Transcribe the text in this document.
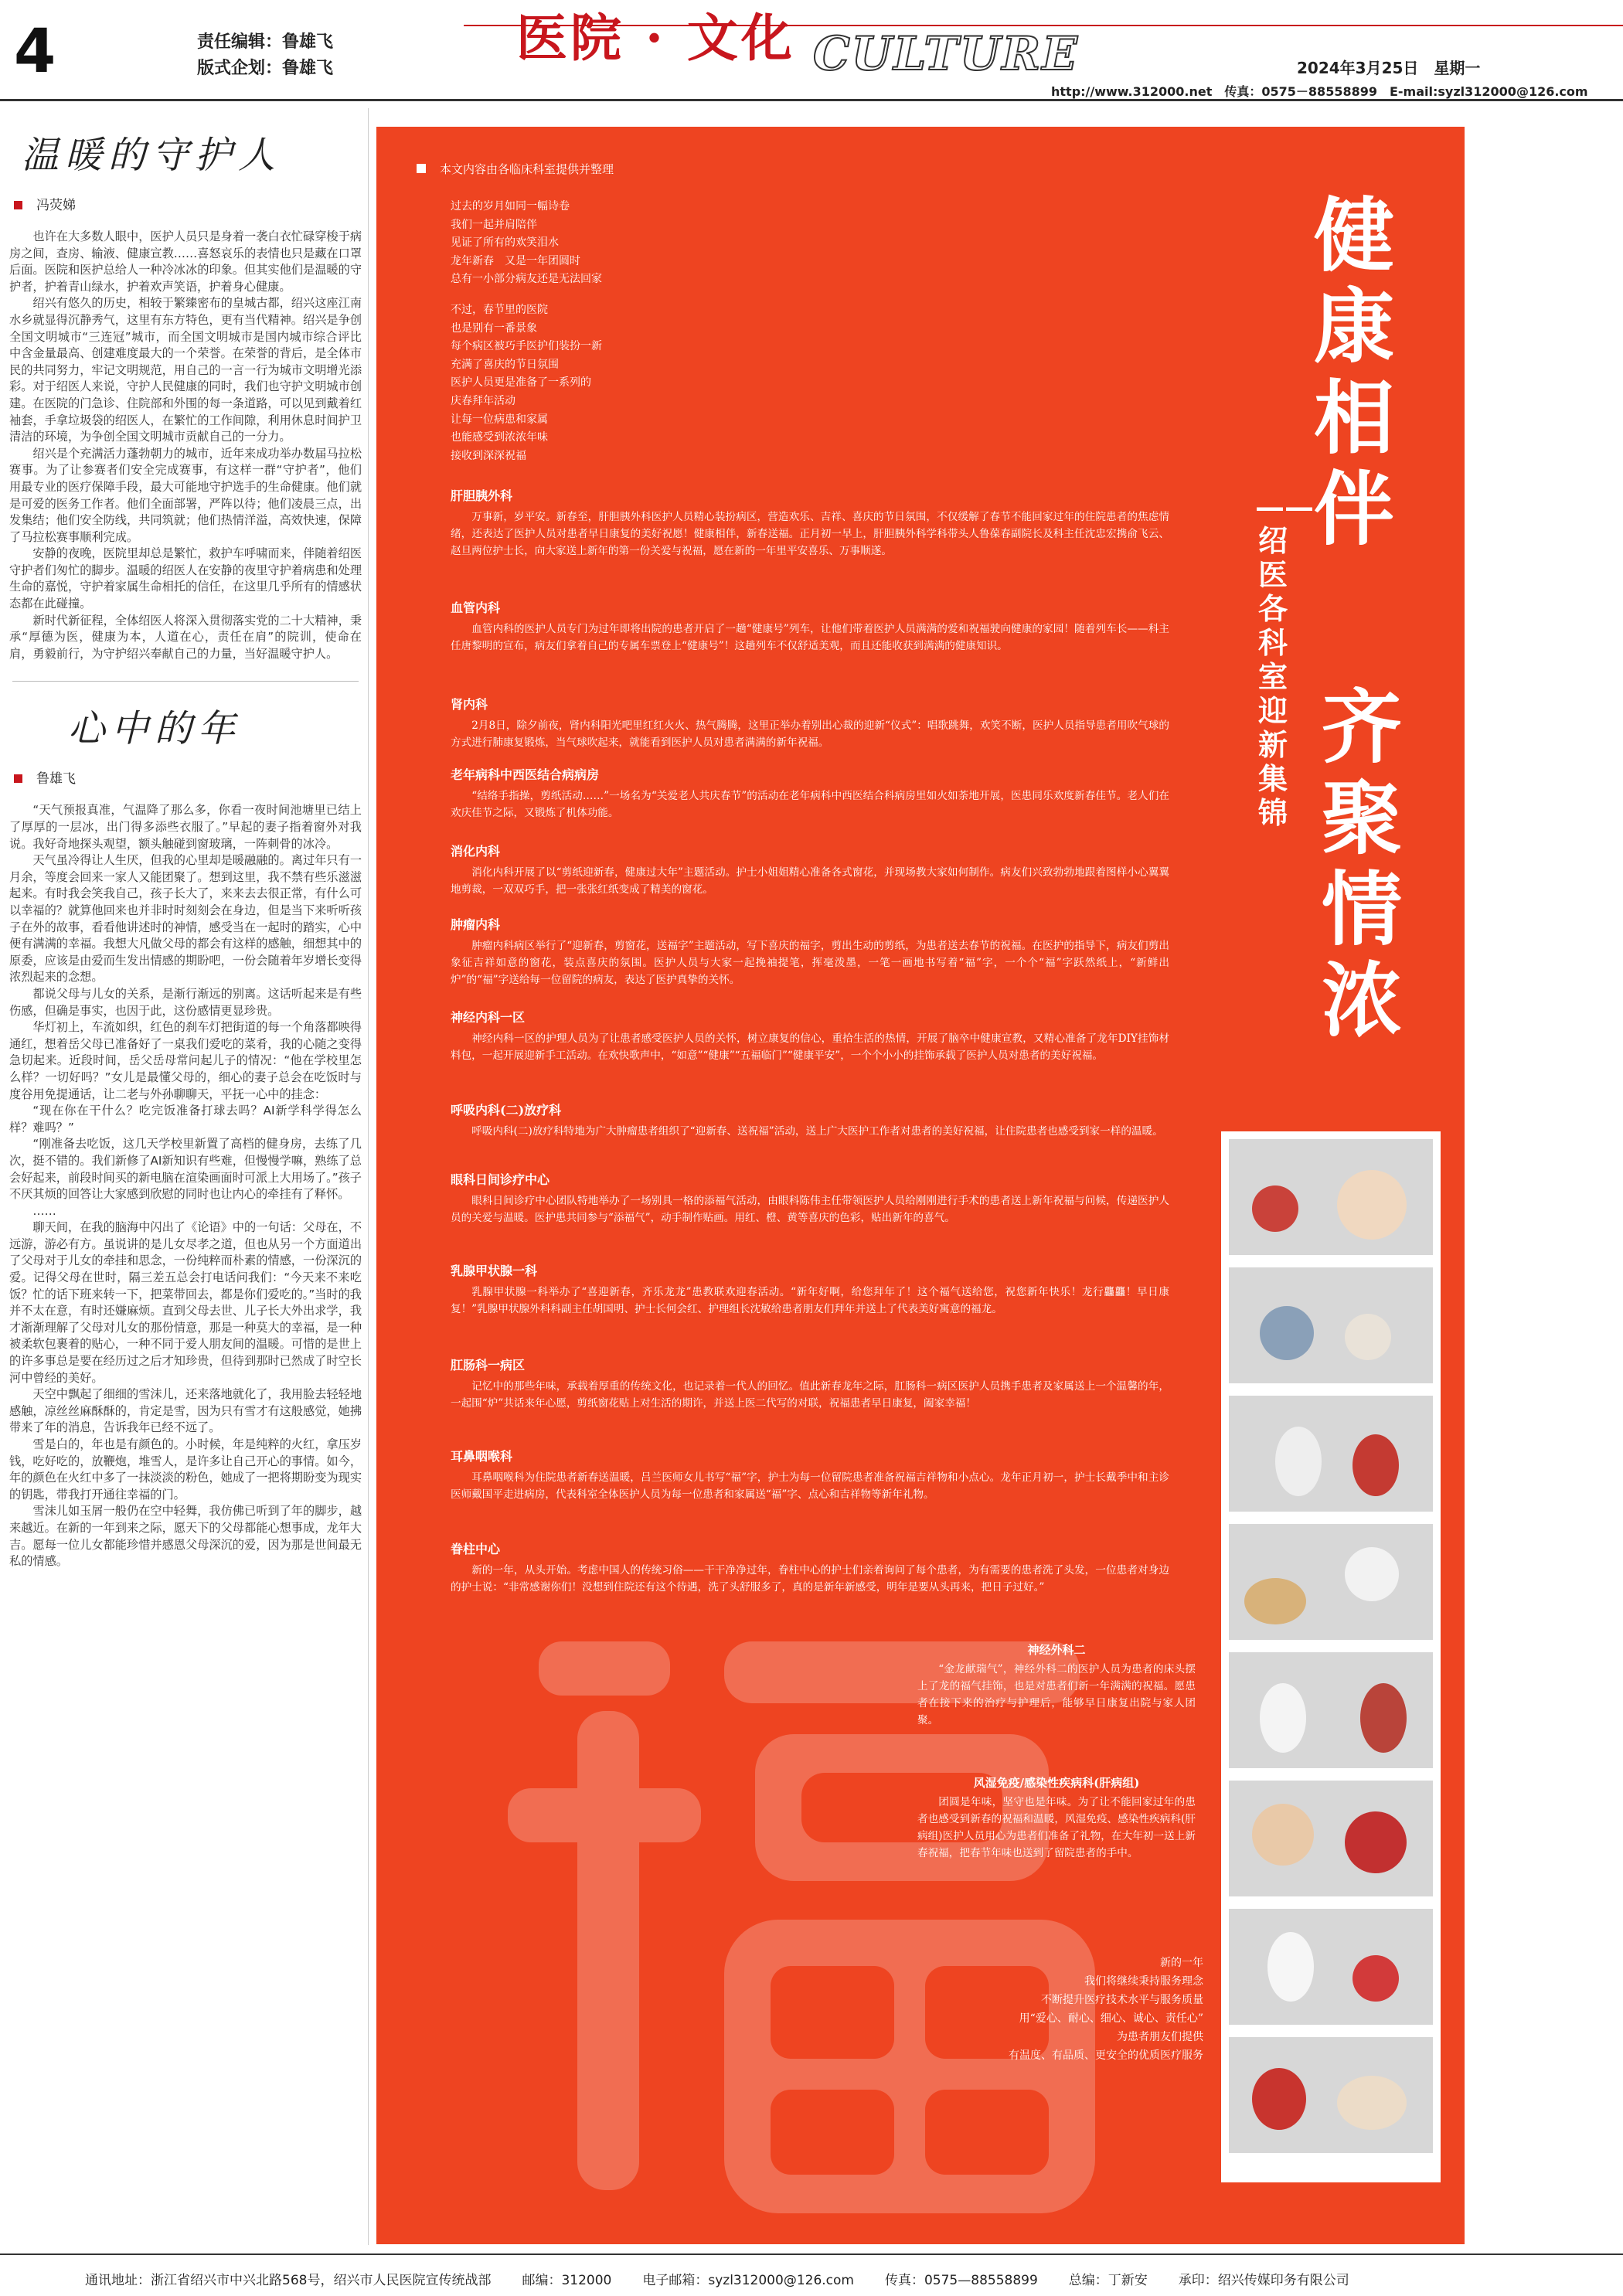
4	责任编辑：鲁雄飞
版式企划：鲁雄飞
医院 · 文化 CULTURE	2024年3月25日　星期一
http://www.312000.net　传真：0575－88558899　E-mail:syzl312000@126.com
温暖的守护人
冯荧娣

也许在大多数人眼中，医护人员只是身着一袭白衣忙碌穿梭于病房之间，查房、输液、健康宣教……喜怒哀乐的表情也只是藏在口罩后面。医院和医护总给人一种冷冰冰的印象。但其实他们是温暖的守护者，护着青山绿水，护着欢声笑语，护着身心健康。

绍兴有悠久的历史，相较于繁臻密布的皇城古都，绍兴这座江南水乡就显得沉静秀气，这里有东方特色，更有当代精神。绍兴是争创全国文明城市“三连冠”城市，而全国文明城市是国内城市综合评比中含金量最高、创建难度最大的一个荣誉。在荣誉的背后，是全体市民的共同努力，牢记文明规范，用自己的一言一行为城市文明增光添彩。对于绍医人来说，守护人民健康的同时，我们也守护文明城市创建。在医院的门急诊、住院部和外围的每一条道路，可以见到戴着红袖套，手拿垃圾袋的绍医人，在繁忙的工作间隙，利用休息时间护卫清洁的环境，为争创全国文明城市贡献自己的一分力。

绍兴是个充满活力蓬勃朝力的城市，近年来成功举办数届马拉松赛事。为了让参赛者们安全完成赛事，有这样一群“守护者”，他们用最专业的医疗保障手段，最大可能地守护选手的生命健康。他们就是可爱的医务工作者。他们全面部署，严阵以待；他们凌晨三点，出发集结；他们安全防线，共同筑就；他们热情洋溢，高效快速，保障了马拉松赛事顺利完成。

安静的夜晚，医院里却总是繁忙，救护车呼啸而来，伴随着绍医守护者们匆忙的脚步。温暖的绍医人在安静的夜里守护着病患和处理生命的嘉悦，守护着家属生命相托的信任，在这里几乎所有的情感状态都在此碰撞。

新时代新征程，全体绍医人将深入贯彻落实党的二十大精神，秉承“厚德为医，健康为本，人道在心，责任在肩”的院训，使命在肩，勇毅前行，为守护绍兴奉献自己的力量，当好温暖守护人。

心中的年
鲁雄飞

“天气预报真准，气温降了那么多，你看一夜时间池塘里已结上了厚厚的一层冰，出门得多添些衣服了。”早起的妻子指着窗外对我说。我好奇地探头观望，额头触碰到窗玻璃，一阵刺骨的冰冷。

天气虽冷得让人生厌，但我的心里却是暖融融的。离过年只有一月余，等度会回来一家人又能团聚了。想到这里，我不禁有些乐滋滋起来。有时我会笑我自己，孩子长大了，来来去去很正常，有什么可以幸福的？就算他回来也并非时时刻刻会在身边，但是当下来听听孩子在外的故事，看看他讲述时的神情，感受当在一起时的踏实，心中便有满满的幸福。我想大凡做父母的都会有这样的感触，细想其中的原委，应该是由爱而生发出情感的期盼吧，一份会随着年岁增长变得浓烈起来的念想。

都说父母与儿女的关系，是渐行渐远的别离。这话听起来是有些伤感，但确是事实，也因于此，这份感情更显珍贵。

华灯初上，车流如织，红色的刹车灯把街道的每一个角落都映得通红，想着岳父母已准备好了一桌我们爱吃的菜肴，我的心随之变得急切起来。近段时间，岳父岳母常问起儿子的情况：“他在学校里怎么样？一切好吗？”女儿是最懂父母的，细心的妻子总会在吃饭时与度谷用免提通话，让二老与外孙聊聊天，平抚一心中的挂念：

“现在你在干什么？吃完饭准备打球去吗？AI新学科学得怎么样？难吗？”

“刚准备去吃饭，这几天学校里新置了高档的健身房，去练了几次，挺不错的。我们新修了AI新知识有些难，但慢慢学嘛，熟练了总会好起来，前段时间买的新电脑在渲染画面时可派上大用场了。”孩子不厌其烦的回答让大家感到欣慰的同时也让内心的牵挂有了释怀。

……

聊天间，在我的脑海中闪出了《论语》中的一句话：父母在，不远游，游必有方。虽说讲的是儿女尽孝之道，但也从另一个方面道出了父母对于儿女的牵挂和思念，一份纯粹而朴素的情感，一份深沉的爱。记得父母在世时，隔三差五总会打电话问我们：“今天来不来吃饭？忙的话下班来转一下，把菜带回去，都是你们爱吃的。”当时的我并不太在意，有时还嫌麻烦。直到父母去世、儿子长大外出求学，我才渐渐理解了父母对儿女的那份情意，那是一种莫大的幸福，是一种被柔软包裹着的贴心，一种不同于爱人朋友间的温暖。可惜的是世上的许多事总是要在经历过之后才知珍贵，但待到那时已然成了时空长河中曾经的美好。

天空中飘起了细细的雪沫儿，还来落地就化了，我用脸去轻轻地感触，凉丝丝麻酥酥的，肯定是雪，因为只有雪才有这般感觉，她拂带来了年的消息，告诉我年已经不远了。

雪是白的，年也是有颜色的。小时候，年是纯粹的火红，拿压岁钱，吃好吃的，放鞭炮，堆雪人，是许多让自己开心的事情。如今，年的颜色在火红中多了一抹淡淡的粉色，她成了一把将期盼变为现实的钥匙，带我打开通往幸福的门。

雪沫儿如玉屑一般仍在空中轻舞，我仿佛已听到了年的脚步，越来越近。在新的一年到来之际，愿天下的父母都能心想事成，龙年大吉。愿每一位儿女都能珍惜并感恩父母深沉的爱，因为那是世间最无私的情感。

本文内容由各临床科室提供并整理
过去的岁月如同一幅诗卷
我们一起并肩陪伴
见证了所有的欢笑泪水
龙年新春　又是一年团圆时
总有一小部分病友还是无法回家
不过，春节里的医院
也是别有一番景象
每个病区被巧手医护们装扮一新
充满了喜庆的节日氛围
医护人员更是准备了一系列的
庆春拜年活动
让每一位病患和家属
也能感受到浓浓年味
接收到深深祝福
肝胆胰外科

万事新，岁平安。新春至，肝胆胰外科医护人员精心装扮病区，营造欢乐、吉祥、喜庆的节日氛围，不仅缓解了春节不能回家过年的住院患者的焦虑情绪，还表达了医护人员对患者早日康复的美好祝愿！健康相伴，新春送福。正月初一早上，肝胆胰外科学科带头人鲁葆春副院长及科主任沈忠宏携俞飞云、赵旦两位护士长，向大家送上新年的第一份关爱与祝福，愿在新的一年里平安喜乐、万事顺遂。

血管内科

血管内科的医护人员专门为过年即将出院的患者开启了一趟“健康号”列车，让他们带着医护人员满满的爱和祝福驶向健康的家园！随着列车长——科主任唐黎明的宣布，病友们拿着自己的专属车票登上“健康号”！这趟列车不仅舒适美观，而且还能收获到满满的健康知识。

肾内科

2月8日，除夕前夜，肾内科阳光吧里红红火火、热气腾腾，这里正举办着别出心裁的迎新“仪式”：唱歌跳舞，欢笑不断，医护人员指导患者用吹气球的方式进行肺康复锻炼，当气球吹起来，就能看到医护人员对患者满满的新年祝福。

老年病科中西医结合病病房

“结络手指操，剪纸活动……”一场名为“关爱老人共庆春节”的活动在老年病科中西医结合科病房里如火如荼地开展，医患同乐欢度新春佳节。老人们在欢庆佳节之际，又锻炼了机体功能。

消化内科

消化内科开展了以“剪纸迎新春，健康过大年”主题活动。护士小姐姐精心准备各式窗花，并现场教大家如何制作。病友们兴致勃勃地跟着图样小心翼翼地剪裁，一双双巧手，把一张张红纸变成了精美的窗花。

肿瘤内科

肿瘤内科病区举行了“迎新春，剪窗花，送福字”主题活动，写下喜庆的福字，剪出生动的剪纸，为患者送去春节的祝福。在医护的指导下，病友们剪出象征吉祥如意的窗花，装点喜庆的氛围。医护人员与大家一起挽袖提笔，挥毫泼墨，一笔一画地书写着“福”字，一个个“福”字跃然纸上，“新鲜出炉”的“福”字送给每一位留院的病友，表达了医护真挚的关怀。

神经内科一区

神经内科一区的护理人员为了让患者感受医护人员的关怀，树立康复的信心，重拾生活的热情，开展了脑卒中健康宣教，又精心准备了龙年DIY挂饰材料包，一起开展迎新手工活动。在欢快歌声中，“如意”“健康”“五福临门”“健康平安”，一个个小小的挂饰承载了医护人员对患者的美好祝福。

呼吸内科(二)放疗科

呼吸内科(二)放疗科特地为广大肿瘤患者组织了“迎新春、送祝福”活动，送上广大医护工作者对患者的美好祝福，让住院患者也感受到家一样的温暖。

眼科日间诊疗中心

眼科日间诊疗中心团队特地举办了一场别具一格的添福气活动，由眼科陈伟主任带领医护人员给刚刚进行手术的患者送上新年祝福与问候，传递医护人员的关爱与温暖。医护患共同参与“添福气”，动手制作贴画。用红、橙、黄等喜庆的色彩，贴出新年的喜气。

乳腺甲状腺一科

乳腺甲状腺一科举办了“喜迎新春，齐乐龙龙”患教联欢迎春活动。“新年好啊，给您拜年了！这个福气送给您，祝您新年快乐！龙行龘龘！早日康复！”乳腺甲状腺外科科副主任胡国明、护士长何会红、护理组长沈敏给患者朋友们拜年并送上了代表美好寓意的福龙。

肛肠科一病区

记忆中的那些年味，承载着厚重的传统文化，也记录着一代人的回忆。值此新春龙年之际，肛肠科一病区医护人员携手患者及家属送上一个温馨的年，一起围“炉”共话来年心愿，剪纸窗花贴上对生活的期许，并送上医二代写的对联，祝福患者早日康复，阖家幸福！

耳鼻咽喉科

耳鼻咽喉科为住院患者新春送温暖，吕兰医师女儿书写“福”字，护士为每一位留院患者准备祝福吉祥物和小点心。龙年正月初一，护士长戴季中和主诊医师戴国平走进病房，代表科室全体医护人员为每一位患者和家属送“福”字、点心和吉祥物等新年礼物。

眷柱中心

新的一年，从头开始。考虑中国人的传统习俗——干干净净过年，眷柱中心的护士们亲着询问了每个患者，为有需要的患者洗了头发，一位患者对身边的护士说：“非常感谢你们！没想到住院还有这个待遇，洗了头舒服多了，真的是新年新感受，明年是要从头再来，把日子过好。”

神经外科二

“金龙献瑞气”，神经外科二的医护人员为患者的床头摆上了龙的福气挂饰，也是对患者们新一年满满的祝福。愿患者在接下来的治疗与护理后，能够早日康复出院与家人团聚。

风湿免疫/感染性疾病科(肝病组)

团圆是年味，坚守也是年味。为了让不能回家过年的患者也感受到新春的祝福和温暖，风湿免疫、感染性疾病科(肝病组)医护人员用心为患者们准备了礼物，在大年初一送上新春祝福，把春节年味也送到了留院患者的手中。

新的一年
我们将继续秉持服务理念
不断提升医疗技术水平与服务质量
用“爱心、耐心、细心、诚心、责任心”
为患者朋友们提供
有温度、有品质、更安全的优质医疗服务
健康相伴
——绍医各科室迎新集锦
齐聚情浓
通讯地址：浙江省绍兴市中兴北路568号，绍兴市人民医院宣传统战部 邮编：312000 电子邮箱：syzl312000@126.com 传真：0575—88558899 总编：丁新安 承印：绍兴传媒印务有限公司
